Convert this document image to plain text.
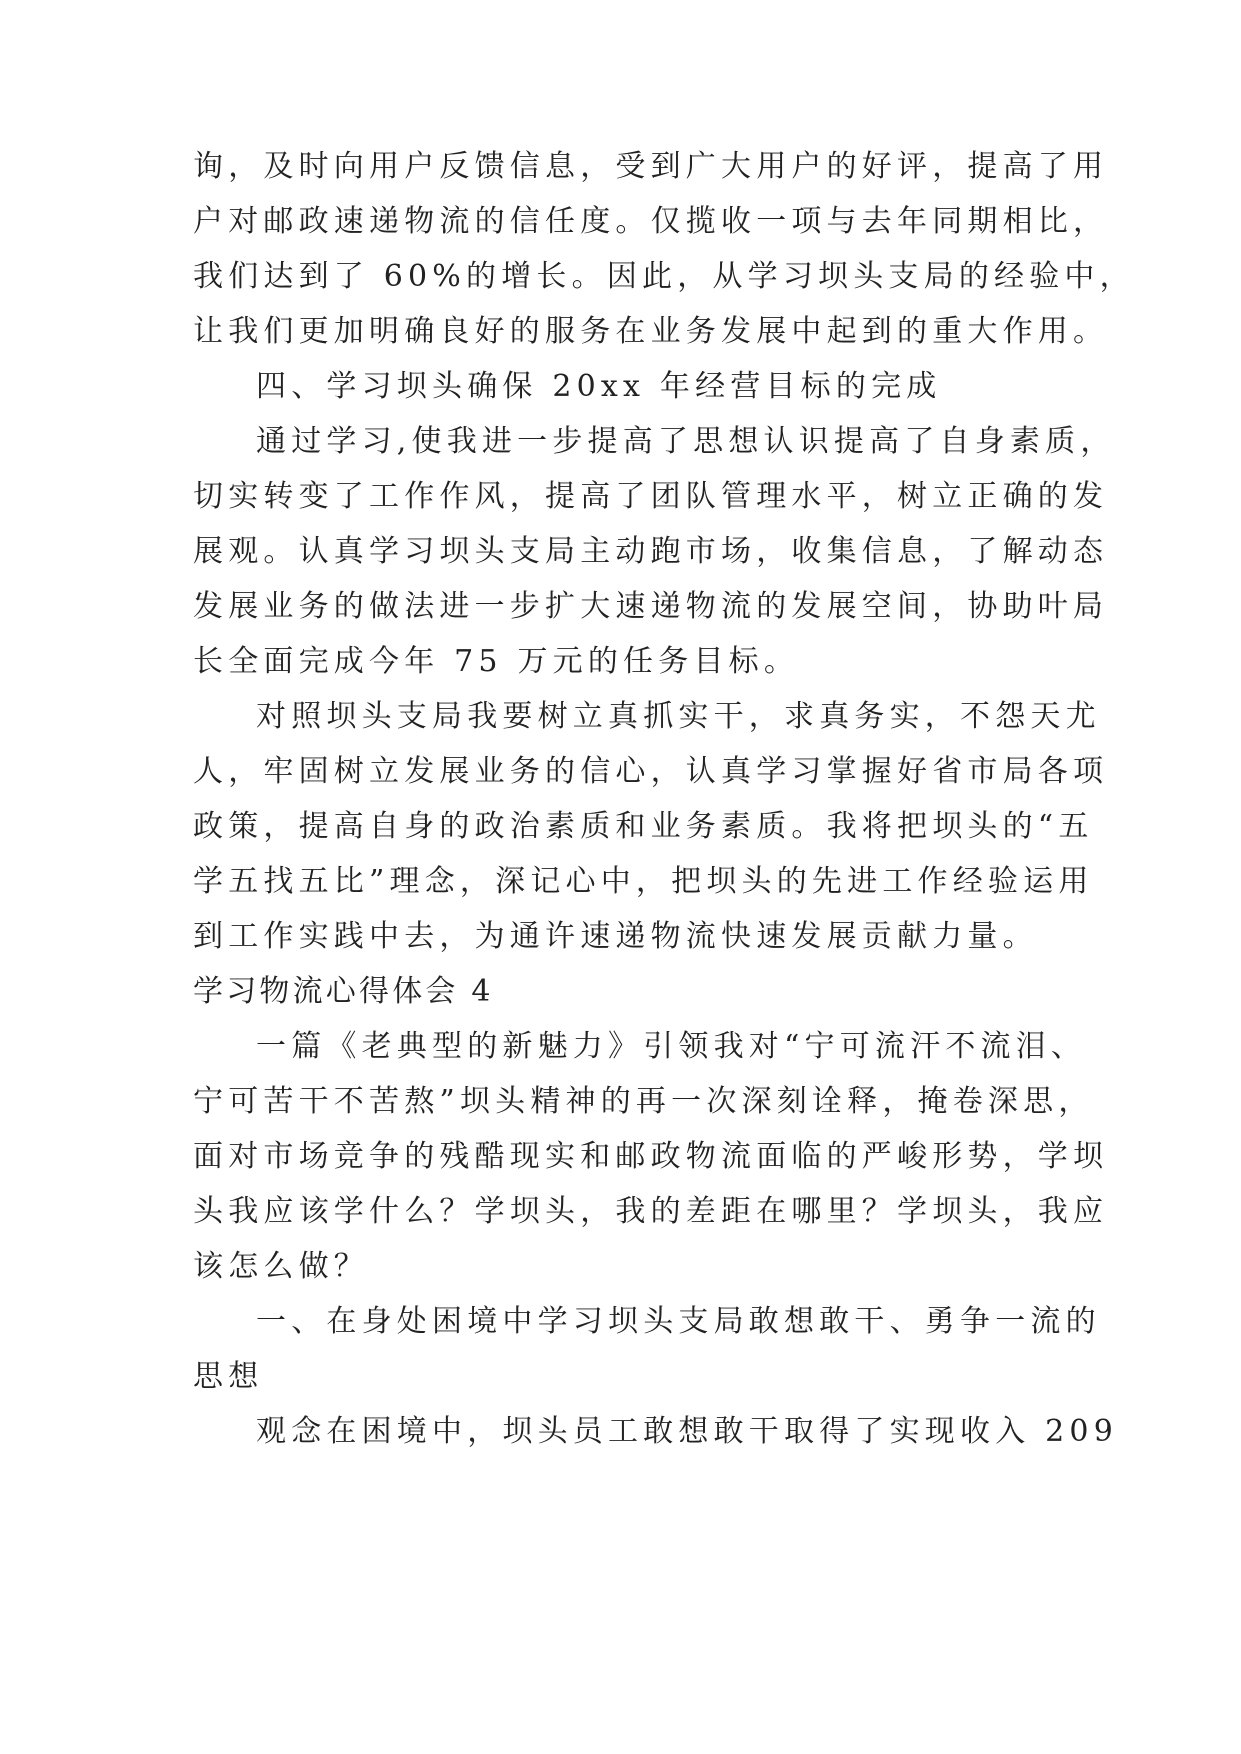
询，及时向用户反馈信息，受到广大用户的好评，提高了用
户对邮政速递物流的信任度。仅揽收一项与去年同期相比，
我们达到了 60%的增长。因此，从学习坝头支局的经验中，
让我们更加明确良好的服务在业务发展中起到的重大作用。
四、学习坝头确保 20xx 年经营目标的完成
通过学习,使我进一步提高了思想认识提高了自身素质，
切实转变了工作作风，提高了团队管理水平，树立正确的发
展观。认真学习坝头支局主动跑市场，收集信息，了解动态
发展业务的做法进一步扩大速递物流的发展空间，协助叶局
长全面完成今年 75 万元的任务目标。
对照坝头支局我要树立真抓实干，求真务实，不怨天尤
人，牢固树立发展业务的信心，认真学习掌握好省市局各项
政策，提高自身的政治素质和业务素质。我将把坝头的“五
学五找五比”理念，深记心中，把坝头的先进工作经验运用
到工作实践中去，为通许速递物流快速发展贡献力量。
学习物流心得体会 4
一篇《老典型的新魅力》引领我对“宁可流汗不流泪、
宁可苦干不苦熬”坝头精神的再一次深刻诠释，掩卷深思，
面对市场竞争的残酷现实和邮政物流面临的严峻形势，学坝
头我应该学什么？学坝头，我的差距在哪里？学坝头，我应
该怎么做？
一、在身处困境中学习坝头支局敢想敢干、勇争一流的
思想
观念在困境中，坝头员工敢想敢干取得了实现收入 209
